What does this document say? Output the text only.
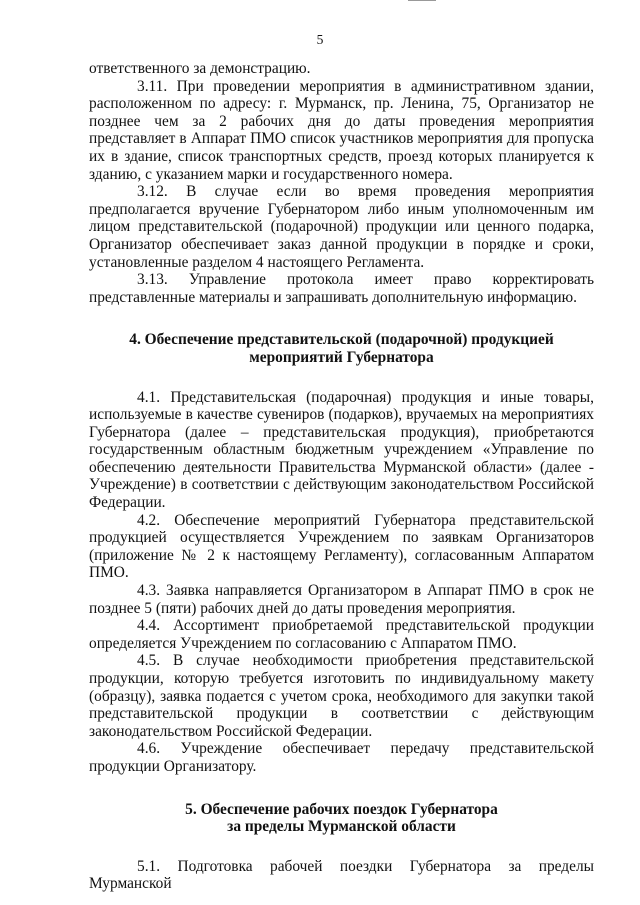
5

ответственного за демонстрацию.

3.11. При проведении мероприятия в административном здании, расположенном по адресу: г. Мурманск, пр. Ленина, 75, Организатор не позднее чем за 2 рабочих дня до даты проведения мероприятия представляет в Аппарат ПМО список участников мероприятия для пропуска их в здание, список транспортных средств, проезд которых планируется к зданию, с указанием марки и государственного номера.

3.12. В случае если во время проведения мероприятия предполагается вручение Губернатором либо иным уполномоченным им лицом представительской (подарочной) продукции или ценного подарка, Организатор обеспечивает заказ данной продукции в порядке и сроки, установленные разделом 4 настоящего Регламента.

3.13. Управление протокола имеет право корректировать представленные материалы и запрашивать дополнительную информацию.

4. Обеспечение представительской (подарочной) продукцией
мероприятий Губернатора

4.1. Представительская (подарочная) продукция и иные товары, используемые в качестве сувениров (подарков), вручаемых на мероприятиях Губернатора (далее – представительская продукция), приобретаются государственным областным бюджетным учреждением «Управление по обеспечению деятельности Правительства Мурманской области» (далее - Учреждение) в соответствии с действующим законодательством Российской Федерации.

4.2. Обеспечение мероприятий Губернатора представительской продукцией осуществляется Учреждением по заявкам Организаторов (приложение № 2 к настоящему Регламенту), согласованным Аппаратом ПМО.

4.3. Заявка направляется Организатором в Аппарат ПМО в срок не позднее 5 (пяти) рабочих дней до даты проведения мероприятия.

4.4. Ассортимент приобретаемой представительской продукции определяется Учреждением по согласованию с Аппаратом ПМО.

4.5. В случае необходимости приобретения представительской продукции, которую требуется изготовить по индивидуальному макету (образцу), заявка подается с учетом срока, необходимого для закупки такой представительской продукции в соответствии с действующим законодательством Российской Федерации.

4.6. Учреждение обеспечивает передачу представительской продукции Организатору.

5. Обеспечение рабочих поездок Губернатора
за пределы Мурманской области

5.1. Подготовка рабочей поездки Губернатора за пределы Мурманской
